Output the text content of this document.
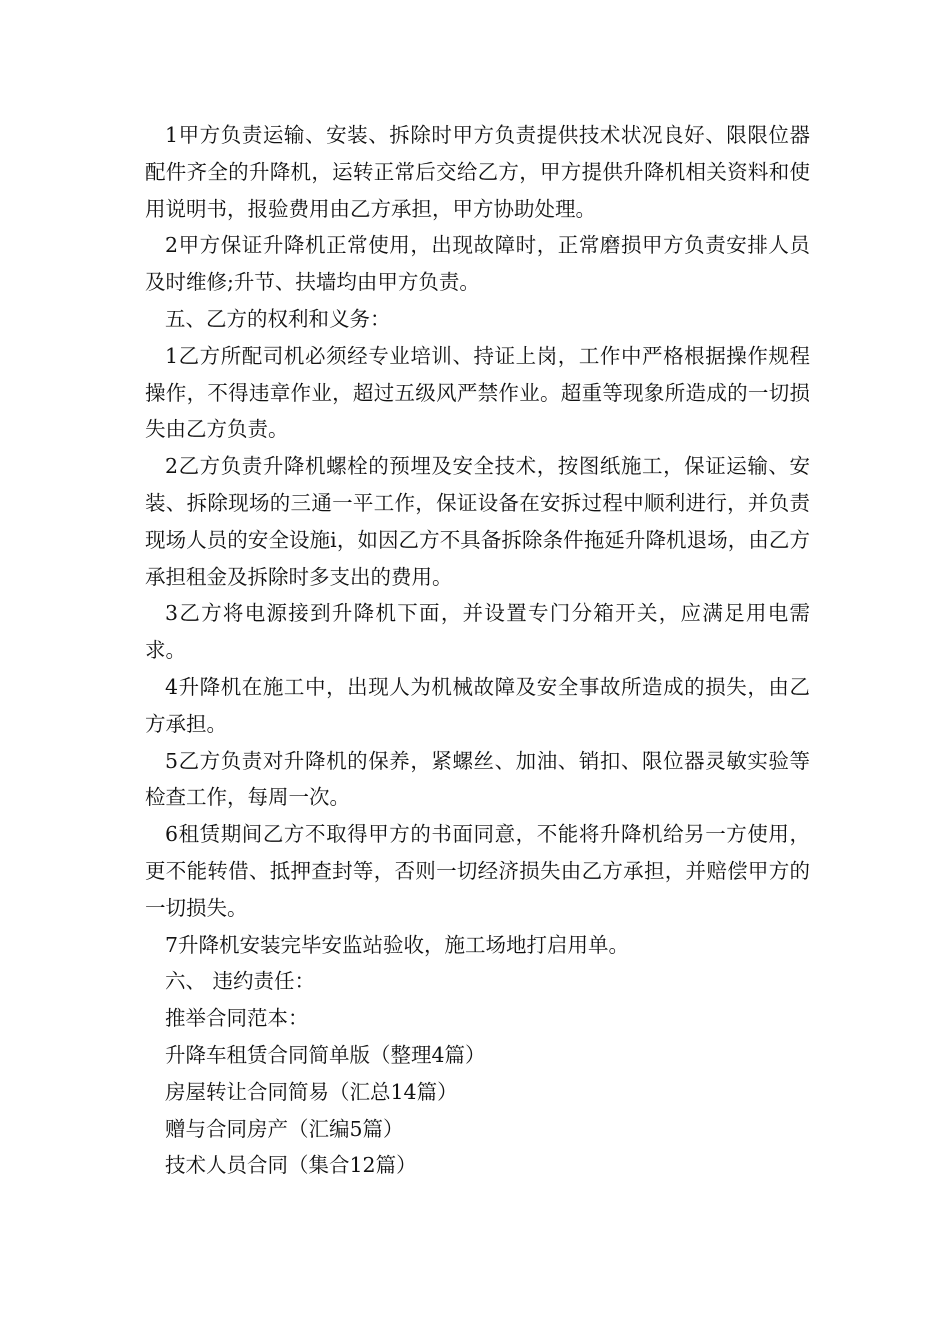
1甲方负责运输、安装、拆除时甲方负责提供技术状况良好、限限位器配件齐全的升降机，运转正常后交给乙方，甲方提供升降机相关资料和使用说明书，报验费用由乙方承担，甲方协助处理。

2甲方保证升降机正常使用，出现故障时，正常磨损甲方负责安排人员及时维修;升节、扶墙均由甲方负责。

五、乙方的权利和义务：

1乙方所配司机必须经专业培训、持证上岗，工作中严格根据操作规程操作，不得违章作业，超过五级风严禁作业。超重等现象所造成的一切损失由乙方负责。

2乙方负责升降机螺栓的预埋及安全技术，按图纸施工，保证运输、安装、拆除现场的三通一平工作，保证设备在安拆过程中顺利进行，并负责现场人员的安全设施i，如因乙方不具备拆除条件拖延升降机退场，由乙方承担租金及拆除时多支出的费用。

3乙方将电源接到升降机下面，并设置专门分箱开关，应满足用电需求。

4升降机在施工中，出现人为机械故障及安全事故所造成的损失，由乙方承担。

5乙方负责对升降机的保养，紧螺丝、加油、销扣、限位器灵敏实验等检查工作，每周一次。

6租赁期间乙方不取得甲方的书面同意，不能将升降机给另一方使用，更不能转借、抵押查封等，否则一切经济损失由乙方承担，并赔偿甲方的一切损失。

7升降机安装完毕安监站验收，施工场地打启用单。

六、 违约责任：

推举合同范本：

升降车租赁合同简单版（整理4篇）

房屋转让合同简易（汇总14篇）

赠与合同房产（汇编5篇）

技术人员合同（集合12篇）
